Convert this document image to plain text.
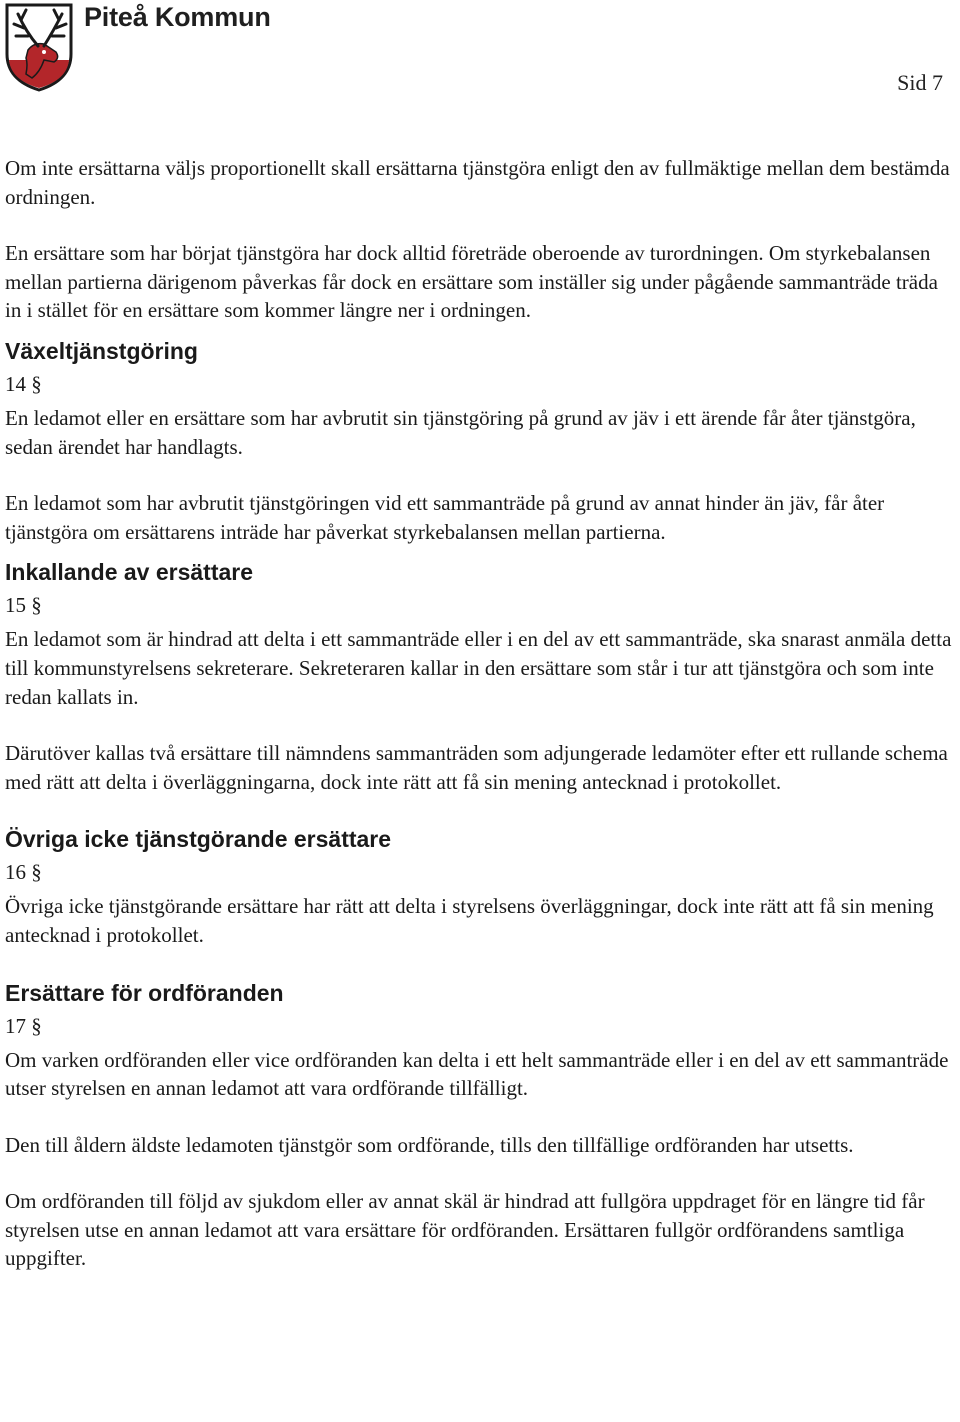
Piteå Kommun
Sid 7

Om inte ersättarna väljs proportionellt skall ersättarna tjänstgöra enligt den av fullmäktige mellan dem bestämda ordningen.

En ersättare som har börjat tjänstgöra har dock alltid företräde oberoende av turordningen. Om styrkebalansen mellan partierna därigenom påverkas får dock en ersättare som inställer sig under pågående sammanträde träda in i stället för en ersättare som kommer längre ner i ordningen.

Växeltjänstgöring
14 §

En ledamot eller en ersättare som har avbrutit sin tjänstgöring på grund av jäv i ett ärende får åter tjänstgöra, sedan ärendet har handlagts.

En ledamot som har avbrutit tjänstgöringen vid ett sammanträde på grund av annat hinder än jäv, får åter tjänstgöra om ersättarens inträde har påverkat styrkebalansen mellan partierna.

Inkallande av ersättare
15 §

En ledamot som är hindrad att delta i ett sammanträde eller i en del av ett sammanträde, ska snarast anmäla detta till kommunstyrelsens sekreterare. Sekreteraren kallar in den ersättare som står i tur att tjänstgöra och som inte redan kallats in.

Därutöver kallas två ersättare till nämndens sammanträden som adjungerade ledamöter efter ett rullande schema med rätt att delta i överläggningarna, dock inte rätt att få sin mening antecknad i protokollet.

Övriga icke tjänstgörande ersättare
16 §

Övriga icke tjänstgörande ersättare har rätt att delta i styrelsens överläggningar, dock inte rätt att få sin mening antecknad i protokollet.

Ersättare för ordföranden
17 §

Om varken ordföranden eller vice ordföranden kan delta i ett helt sammanträde eller i en del av ett sammanträde utser styrelsen en annan ledamot att vara ordförande tillfälligt.

Den till åldern äldste ledamoten tjänstgör som ordförande, tills den tillfällige ordföranden har utsetts.

Om ordföranden till följd av sjukdom eller av annat skäl är hindrad att fullgöra uppdraget för en längre tid får styrelsen utse en annan ledamot att vara ersättare för ordföranden. Ersättaren fullgör ordförandens samtliga uppgifter.
